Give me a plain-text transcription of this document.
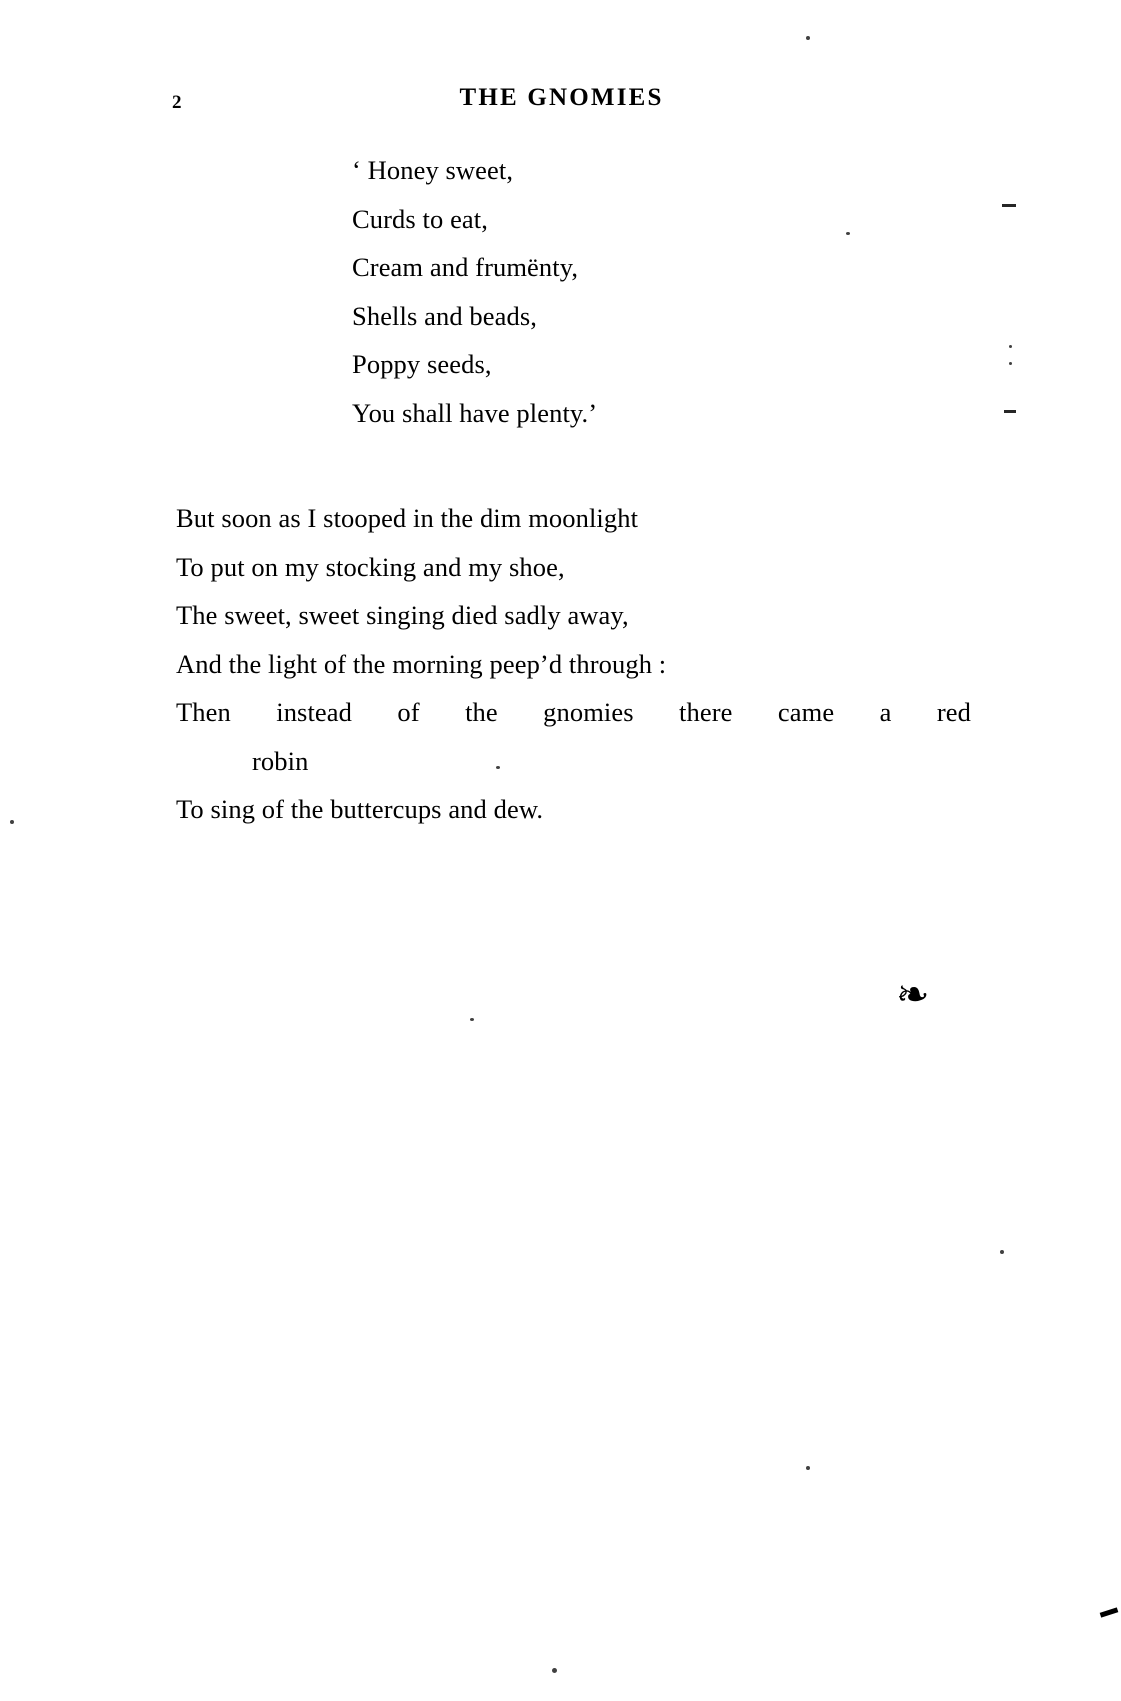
2	THE GNOMIES
‘ Honey sweet,
Curds to eat,
Cream and frumënty,
Shells and beads,
Poppy seeds,
You shall have plenty.’
But soon as I stooped in the dim moonlight
To put on my stocking and my shoe,
The sweet, sweet singing died sadly away,
And the light of the morning peep’d through :
Then instead of the gnomies there came a red
robin
To sing of the buttercups and dew.
❧
